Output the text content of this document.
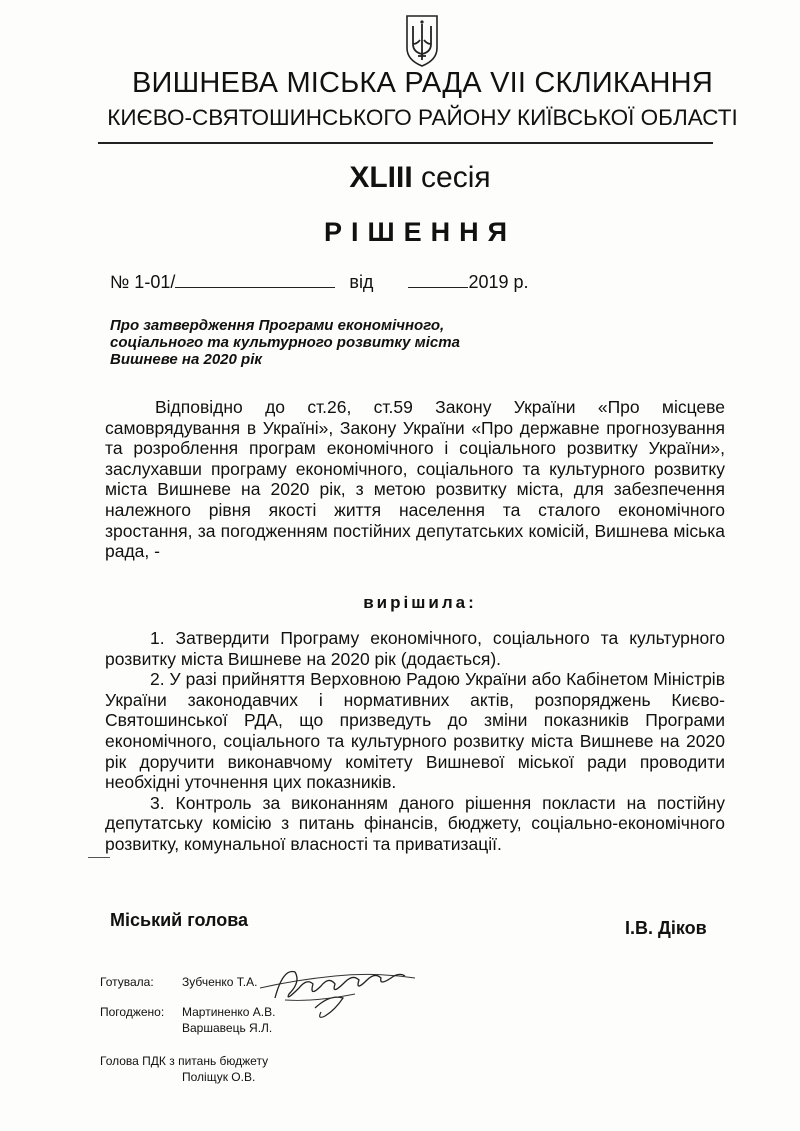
ВИШНЕВА МІСЬКА РАДА VII СКЛИКАННЯ
КИЄВО-СВЯТОШИНСЬКОГО РАЙОНУ КИЇВСЬКОЇ ОБЛАСТІ
XLIII сесія
РІШЕННЯ
№ 1-01/	від	2019 р.
Про затвердження Програми економічного, соціального та культурного розвитку міста Вишневе на 2020 рік
Відповідно до ст.26, ст.59 Закону України «Про місцеве самоврядування в Україні», Закону України «Про державне прогнозування та розроблення програм економічного і соціального розвитку України», заслухавши програму економічного, соціального та культурного розвитку міста Вишневе на 2020 рік, з метою розвитку міста, для забезпечення належного рівня якості життя населення та сталого економічного зростання, за погодженням постійних депутатських комісій, Вишнева міська рада, -
вирішила:

1. Затвердити Програму економічного, соціального та культурного розвитку міста Вишневе на 2020 рік (додається).

2. У разі прийняття Верховною Радою України або Кабінетом Міністрів України законодавчих і нормативних актів, розпоряджень Києво-Святошинської РДА, що призведуть до зміни показників Програми економічного, соціального та культурного розвитку міста Вишневе на 2020 рік доручити виконавчому комітету Вишневої міської ради проводити необхідні уточнення цих показників.

3. Контроль за виконанням даного рішення покласти на постійну депутатську комісію з питань фінансів, бюджету, соціально-економічного розвитку, комунальної власності та приватизації.

Міський голова	І.В. Діков
Готувала: Зубченко Т.А.
Погоджено: Мартиненко А.В.
Варшавець Я.Л.
Голова ПДК з питань бюджету
Поліщук О.В.
